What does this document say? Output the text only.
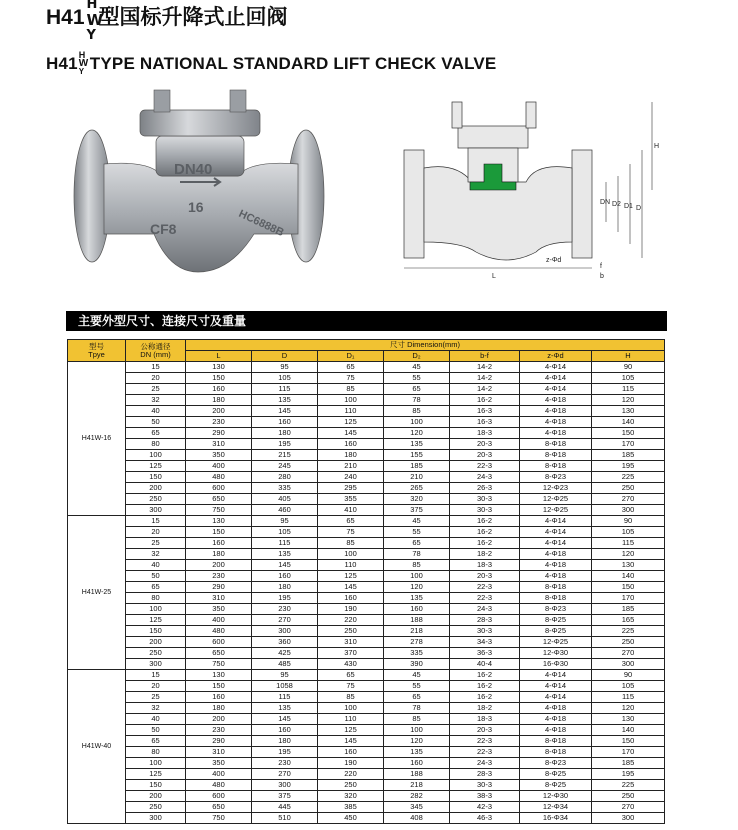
H41
H
W
Y
型国标升降式止回阀
H41 H
W
Y TYPE NATIONAL STANDARD LIFT CHECK VALVE
DN40
16
CF8	HC6888B
L
H
DN D2 D1 D
z-Φd
f
b
主要外型尺寸、连接尺寸及重量
型号
Tpye	公称通径
DN (mm)	尺寸 Dimension(mm)						
		L	D	D₁	D₂	b-f	z-Φd	H
H41W-16	15	130	95	65	45	14-2	4-Φ14	90
	20	150	105	75	55	14-2	4-Φ14	105
	25	160	115	85	65	14-2	4-Φ14	115
	32	180	135	100	78	16-2	4-Φ18	120
	40	200	145	110	85	16-3	4-Φ18	130
	50	230	160	125	100	16-3	4-Φ18	140
	65	290	180	145	120	18-3	4-Φ18	150
	80	310	195	160	135	20-3	8-Φ18	170
	100	350	215	180	155	20-3	8-Φ18	185
	125	400	245	210	185	22-3	8-Φ18	195
	150	480	280	240	210	24-3	8-Φ23	225
	200	600	335	295	265	26-3	12-Φ23	250
	250	650	405	355	320	30-3	12-Φ25	270
	300	750	460	410	375	30-3	12-Φ25	300
H41W-25	15	130	95	65	45	16-2	4-Φ14	90
	20	150	105	75	55	16-2	4-Φ14	105
	25	160	115	85	65	16-2	4-Φ14	115
	32	180	135	100	78	18-2	4-Φ18	120
	40	200	145	110	85	18-3	4-Φ18	130
	50	230	160	125	100	20-3	4-Φ18	140
	65	290	180	145	120	22-3	8-Φ18	150
	80	310	195	160	135	22-3	8-Φ18	170
	100	350	230	190	160	24-3	8-Φ23	185
	125	400	270	220	188	28-3	8-Φ25	165
	150	480	300	250	218	30-3	8-Φ25	225
	200	600	360	310	278	34-3	12-Φ25	250
	250	650	425	370	335	36-3	12-Φ30	270
	300	750	485	430	390	40-4	16-Φ30	300
H41W-40	15	130	95	65	45	16-2	4-Φ14	90
	20	150	1058	75	55	16-2	4-Φ14	105
	25	160	115	85	65	16-2	4-Φ14	115
	32	180	135	100	78	18-2	4-Φ18	120
	40	200	145	110	85	18-3	4-Φ18	130
	50	230	160	125	100	20-3	4-Φ18	140
	65	290	180	145	120	22-3	8-Φ18	150
	80	310	195	160	135	22-3	8-Φ18	170
	100	350	230	190	160	24-3	8-Φ23	185
	125	400	270	220	188	28-3	8-Φ25	195
	150	480	300	250	218	30-3	8-Φ25	225
	200	600	375	320	282	38-3	12-Φ30	250
	250	650	445	385	345	42-3	12-Φ34	270
	300	750	510	450	408	46-3	16-Φ34	300
